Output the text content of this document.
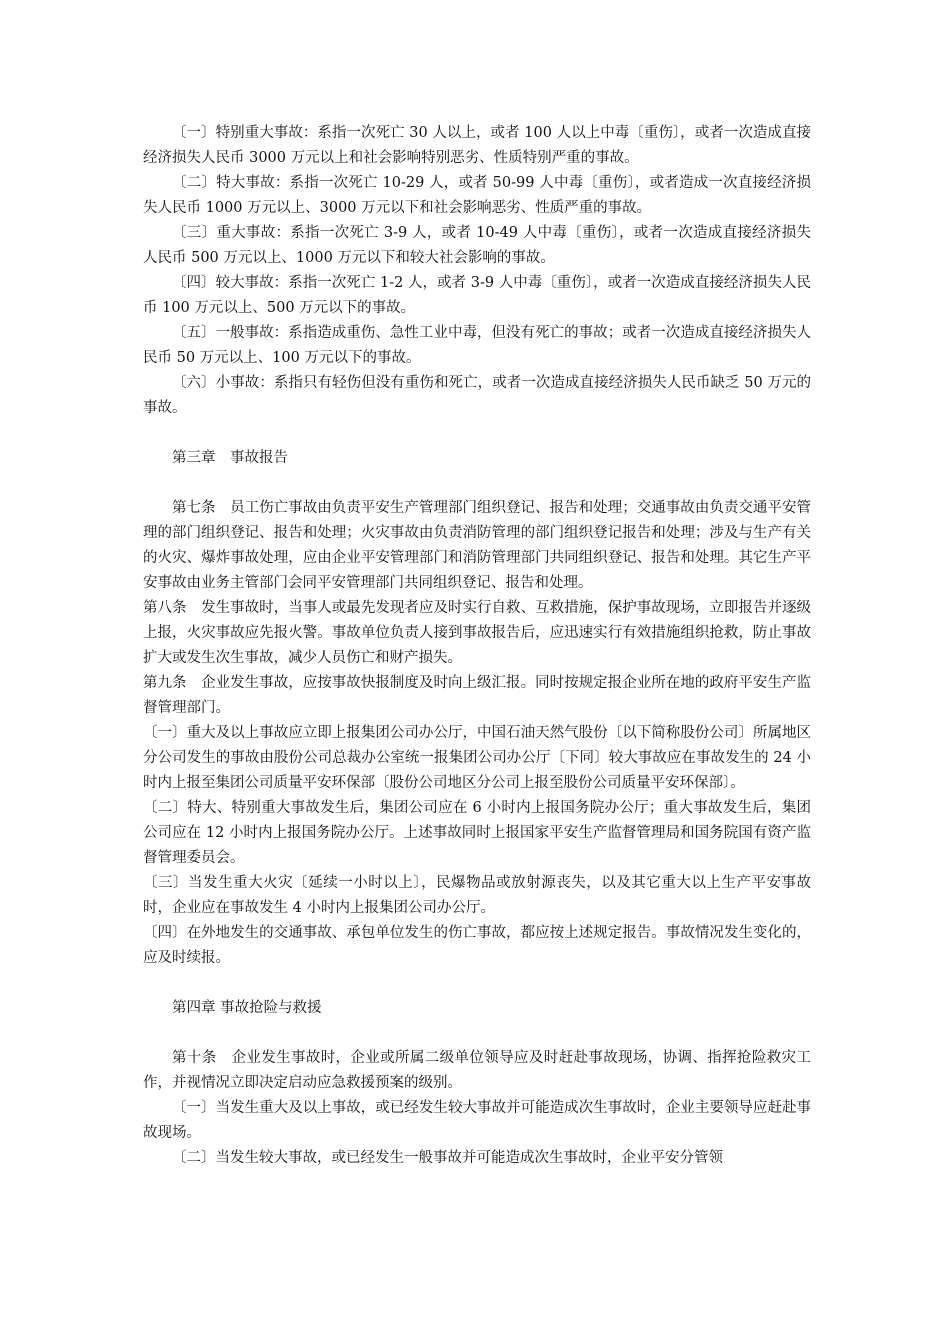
〔一〕特别重大事故：系指一次死亡 30 人以上，或者 100 人以上中毒〔重伤〕，或者一次造成直接经济损失人民币 3000 万元以上和社会影响特别恶劣、性质特别严重的事故。

〔二〕特大事故：系指一次死亡 10-29 人，或者 50-99 人中毒〔重伤〕，或者造成一次直接经济损失人民币 1000 万元以上、3000 万元以下和社会影响恶劣、性质严重的事故。

〔三〕重大事故：系指一次死亡 3-9 人，或者 10-49 人中毒〔重伤〕，或者一次造成直接经济损失人民币 500 万元以上、1000 万元以下和较大社会影响的事故。

〔四〕较大事故：系指一次死亡 1-2 人，或者 3-9 人中毒〔重伤〕，或者一次造成直接经济损失人民币 100 万元以上、500 万元以下的事故。

〔五〕一般事故：系指造成重伤、急性工业中毒，但没有死亡的事故；或者一次造成直接经济损失人民币 50 万元以上、100 万元以下的事故。

〔六〕小事故：系指只有轻伤但没有重伤和死亡，或者一次造成直接经济损失人民币缺乏 50 万元的事故。

第三章　事故报告

第七条　员工伤亡事故由负责平安生产管理部门组织登记、报告和处理；交通事故由负责交通平安管理的部门组织登记、报告和处理；火灾事故由负责消防管理的部门组织登记报告和处理；涉及与生产有关的火灾、爆炸事故处理，应由企业平安管理部门和消防管理部门共同组织登记、报告和处理。其它生产平安事故由业务主管部门会同平安管理部门共同组织登记、报告和处理。

第八条　发生事故时，当事人或最先发现者应及时实行自救、互救措施，保护事故现场，立即报告并逐级上报，火灾事故应先报火警。事故单位负责人接到事故报告后，应迅速实行有效措施组织抢救，防止事故扩大或发生次生事故，减少人员伤亡和财产损失。

第九条　企业发生事故，应按事故快报制度及时向上级汇报。同时按规定报企业所在地的政府平安生产监督管理部门。

〔一〕重大及以上事故应立即上报集团公司办公厅，中国石油天然气股份〔以下简称股份公司〕所属地区分公司发生的事故由股份公司总裁办公室统一报集团公司办公厅〔下同〕较大事故应在事故发生的 24 小时内上报至集团公司质量平安环保部〔股份公司地区分公司上报至股份公司质量平安环保部〕。

〔二〕特大、特别重大事故发生后，集团公司应在 6 小时内上报国务院办公厅；重大事故发生后，集团公司应在 12 小时内上报国务院办公厅。上述事故同时上报国家平安生产监督管理局和国务院国有资产监督管理委员会。

〔三〕当发生重大火灾〔延续一小时以上〕，民爆物品或放射源丧失，以及其它重大以上生产平安事故时，企业应在事故发生 4 小时内上报集团公司办公厅。

〔四〕在外地发生的交通事故、承包单位发生的伤亡事故，都应按上述规定报告。事故情况发生变化的，应及时续报。

第四章 事故抢险与救援

第十条　企业发生事故时，企业或所属二级单位领导应及时赶赴事故现场，协调、指挥抢险救灾工作，并视情况立即决定启动应急救援预案的级别。

〔一〕当发生重大及以上事故，或已经发生较大事故并可能造成次生事故时，企业主要领导应赶赴事故现场。

〔二〕当发生较大事故，或已经发生一般事故并可能造成次生事故时，企业平安分管领
